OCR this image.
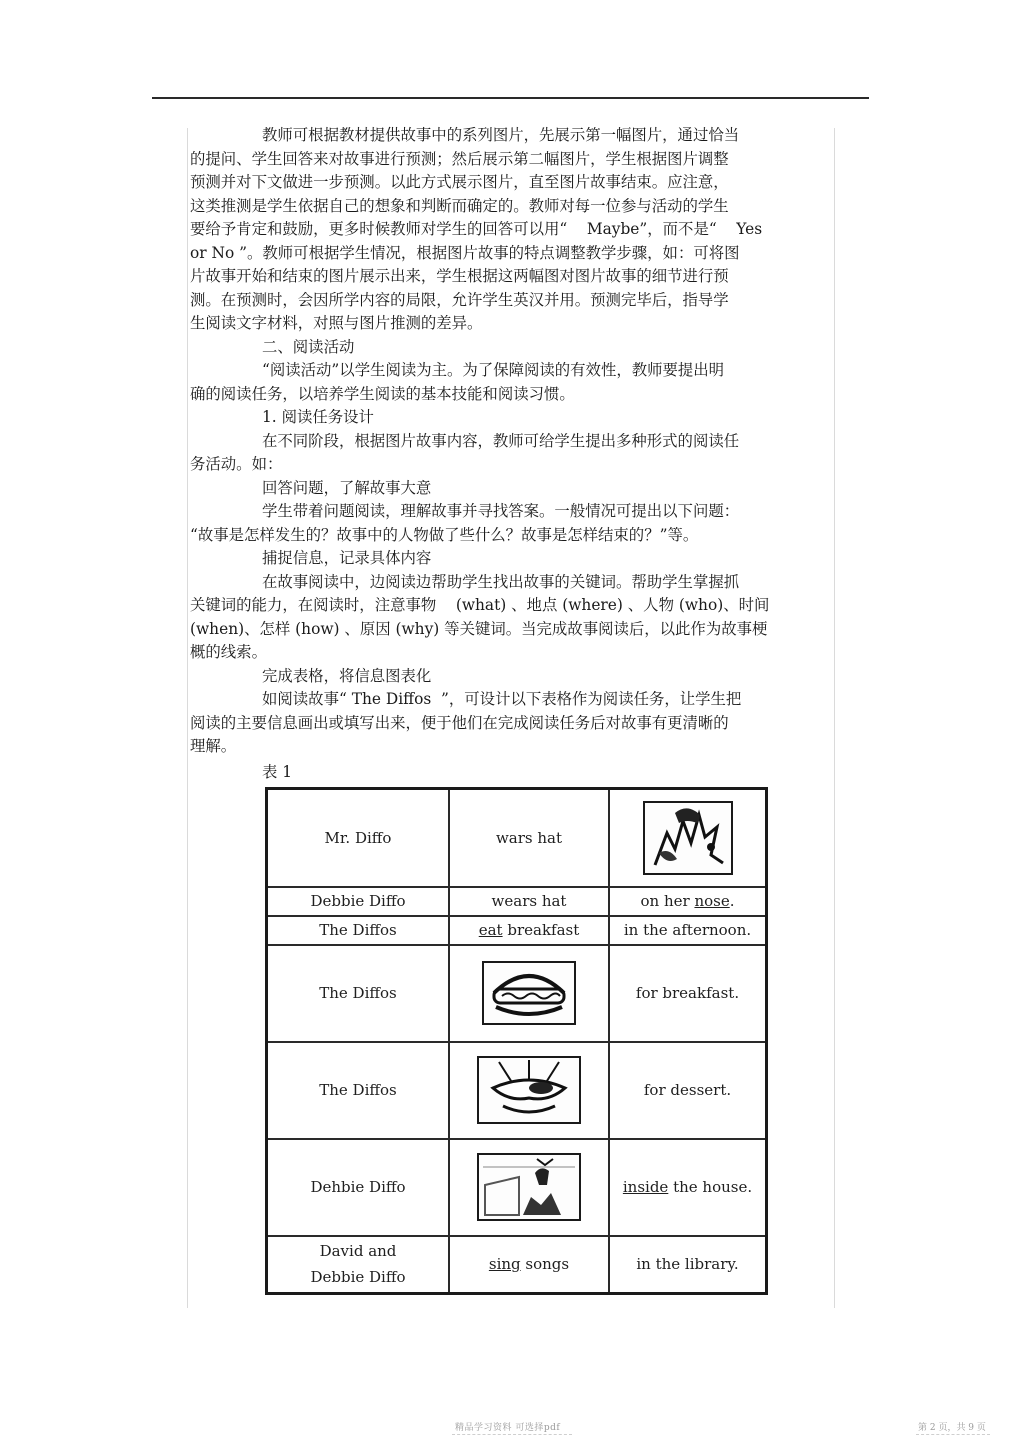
教师可根据教材提供故事中的系列图片，先展示第一幅图片，通过恰当

的提问、学生回答来对故事进行预测；然后展示第二幅图片，学生根据图片调整

预测并对下文做进一步预测。以此方式展示图片，直至图片故事结束。应注意，

这类推测是学生依据自己的想象和判断而确定的。教师对每一位参与活动的学生

要给予肯定和鼓励，更多时候教师对学生的回答可以用“    Maybe”，而不是“    Yes

or No ”。教师可根据学生情况，根据图片故事的特点调整教学步骤，如：可将图

片故事开始和结束的图片展示出来，学生根据这两幅图对图片故事的细节进行预

测。在预测时，会因所学内容的局限，允许学生英汉并用。预测完毕后，指导学

生阅读文字材料，对照与图片推测的差异。

二、阅读活动

“阅读活动”以学生阅读为主。为了保障阅读的有效性，教师要提出明

确的阅读任务，以培养学生阅读的基本技能和阅读习惯。

1. 阅读任务设计

在不同阶段，根据图片故事内容，教师可给学生提出多种形式的阅读任

务活动。如：

回答问题，了解故事大意

学生带着问题阅读，理解故事并寻找答案。一般情况可提出以下问题：

“故事是怎样发生的？故事中的人物做了些什么？故事是怎样结束的？”等。

捕捉信息，记录具体内容

在故事阅读中，边阅读边帮助学生找出故事的关键词。帮助学生掌握抓

关键词的能力，在阅读时，注意事物    (what) 、地点 (where) 、人物 (who)、时间

(when)、怎样 (how) 、原因 (why) 等关键词。当完成故事阅读后，以此作为故事梗

概的线索。

完成表格，将信息图表化

如阅读故事“ The Diffos  ”，可设计以下表格作为阅读任务，让学生把

阅读的主要信息画出或填写出来，便于他们在完成阅读任务后对故事有更清晰的

理解。

表 1
Mr. Diffo	wars hat	

Debbie Diffo	wears hat	on her nose.
The Diffos	eat breakfast	in the afternoon.
The Diffos		for breakfast.
The Diffos		for dessert.
Dehbie Diffo		inside the house.

David and
Debbie Diffo	sing songs	in the library.
精品学习资料 可选择pdf	第 2 页，共 9 页
